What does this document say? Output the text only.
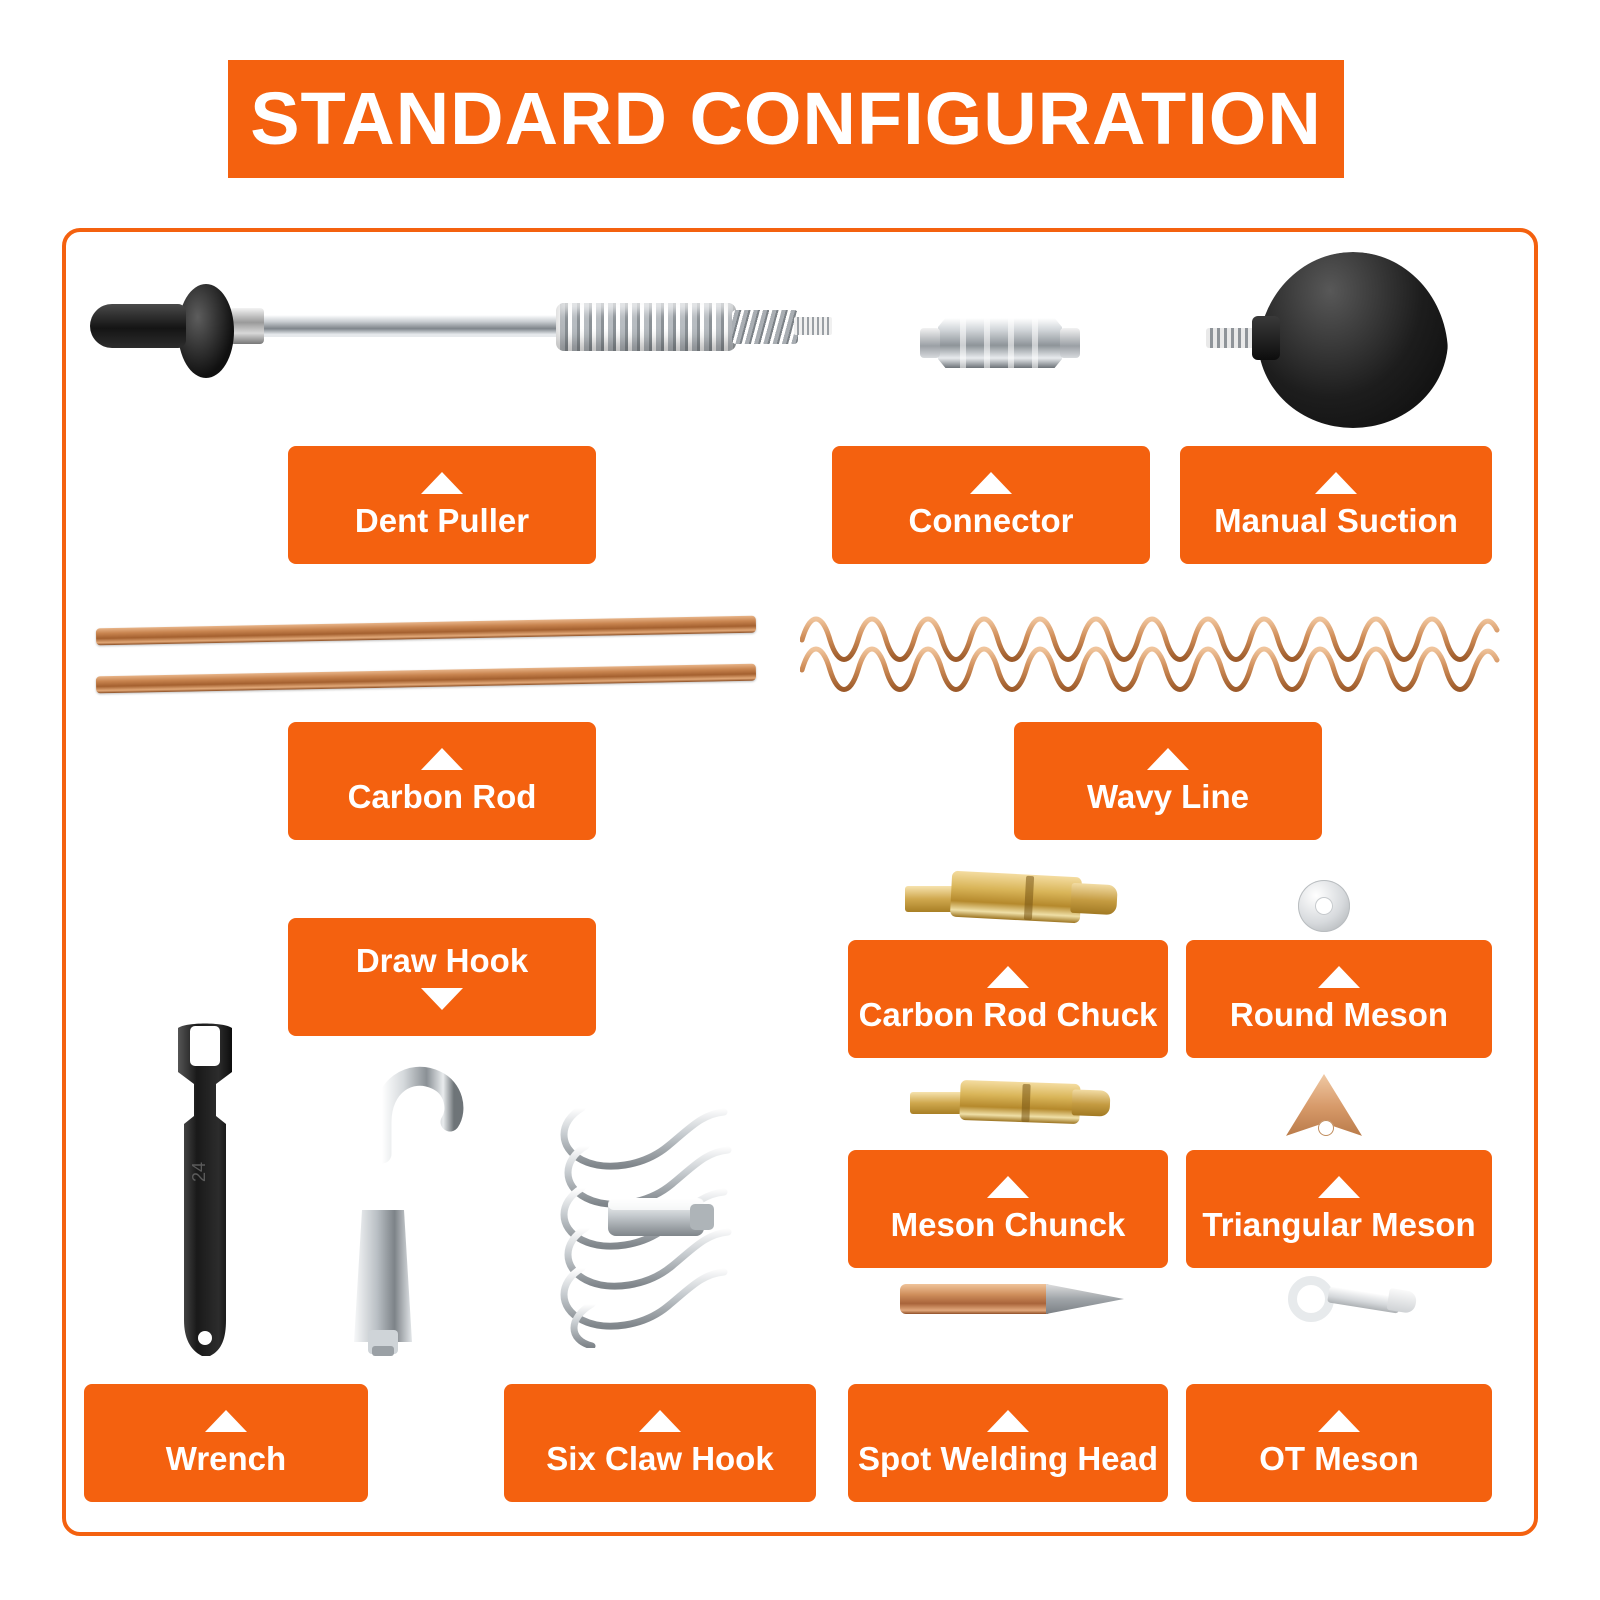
STANDARD CONFIGURATION
24
Dent Puller	Connector	Manual Suction
Carbon Rod	Wavy Line
Draw Hook
Carbon Rod Chuck Round Meson
Meson Chunck Triangular Meson
Wrench	Six Claw Hook	Spot Welding Head	OT Meson
